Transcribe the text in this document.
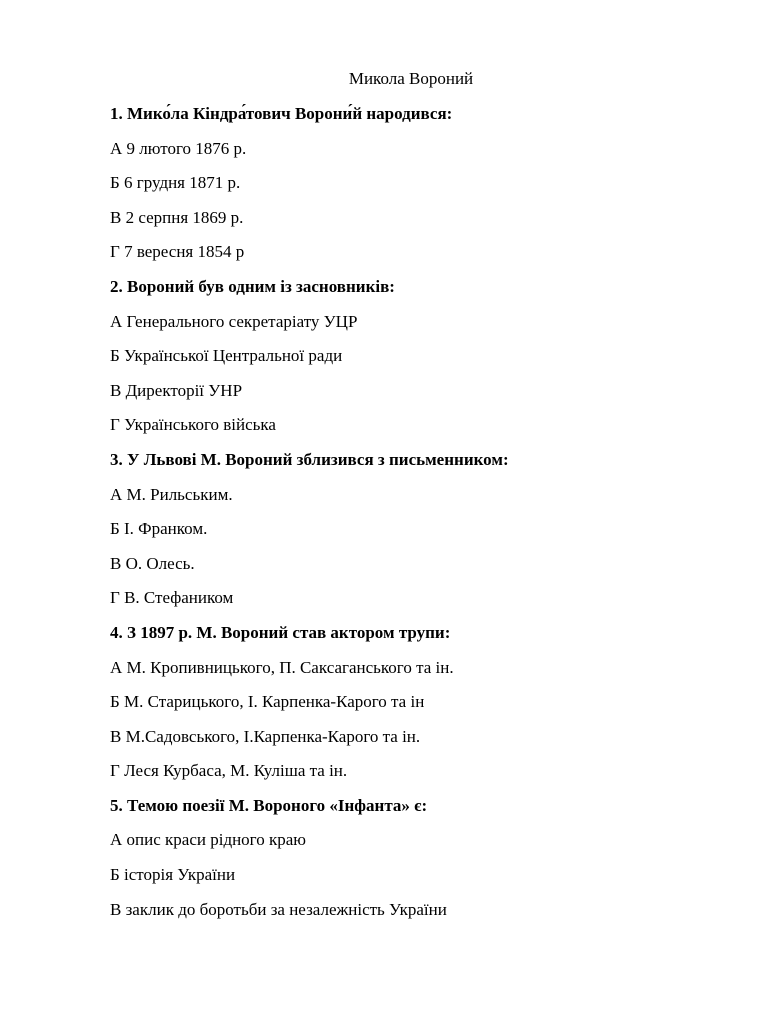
Микола Вороний
1. Мико́ла Кіндра́тович Ворони́й народився:
А 9 лютого 1876 р.
Б 6 грудня 1871 р.
В 2 серпня 1869 р.
Г 7 вересня 1854 р
2. Вороний був одним із засновників:
А Генерального секретаріату УЦР
Б Української Центральної ради
В Директорії УНР
Г Українського війська
3. У Львові М. Вороний зблизився з письменником:
А М. Рильським.
Б І. Франком.
В О. Олесь.
Г В. Стефаником
4. З 1897 р. М. Вороний став актором трупи:
А М. Кропивницького, П. Саксаганського та ін.
Б М. Старицького, І. Карпенка-Карого та ін
В М.Садовського, І.Карпенка-Карого та ін.
Г Леся Курбаса, М. Куліша та ін.
5. Темою поезії М. Вороного «Інфанта» є:
А опис краси рідного краю
Б історія України
В заклик до боротьби за незалежність України
